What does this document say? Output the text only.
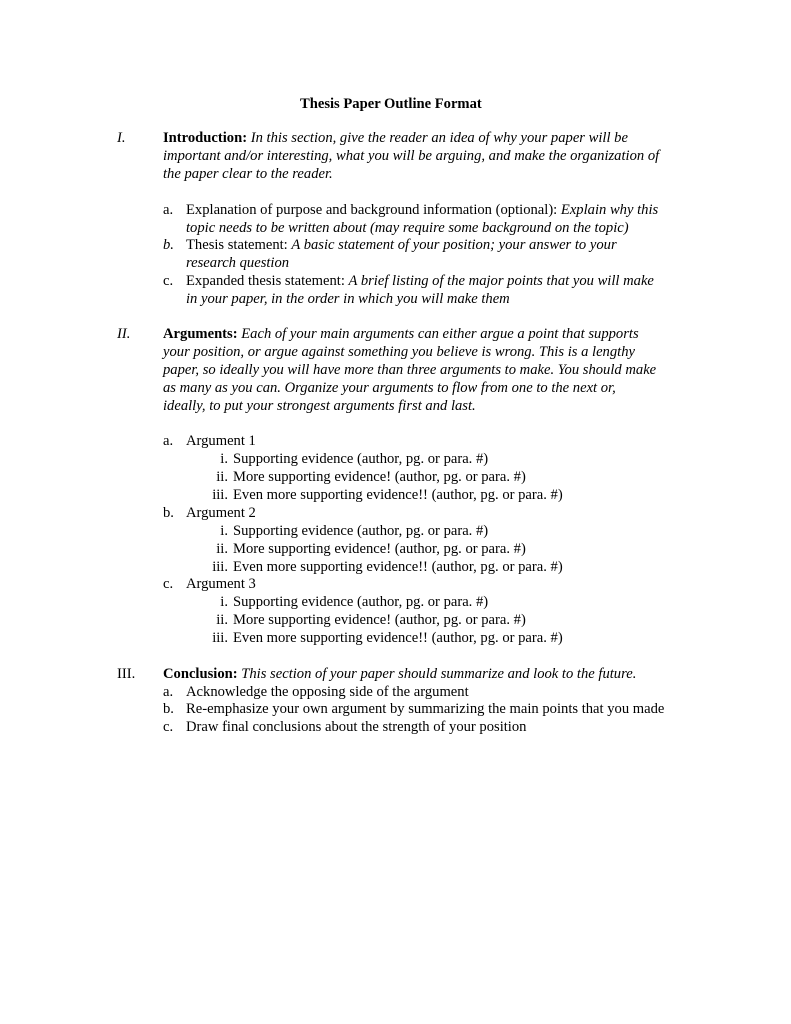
Thesis Paper Outline Format
I.	Introduction: In this section, give the reader an idea of why your paper will be
important and/or interesting, what you will be arguing, and make the organization of
the paper clear to the reader.
a. Explanation of purpose and background information (optional): Explain why this
topic needs to be written about (may require some background on the topic)
b. Thesis statement: A basic statement of your position; your answer to your
research question
c. Expanded thesis statement: A brief listing of the major points that you will make
in your paper, in the order in which you will make them
II. Arguments: Each of your main arguments can either argue a point that supports
your position, or argue against something you believe is wrong. This is a lengthy
paper, so ideally you will have more than three arguments to make. You should make
as many as you can. Organize your arguments to flow from one to the next or,
ideally, to put your strongest arguments first and last.
a. Argument 1
i. Supporting evidence (author, pg. or para. #)
ii. More supporting evidence! (author, pg. or para. #)
iii. Even more supporting evidence!! (author, pg. or para. #)
b. Argument 2
i. Supporting evidence (author, pg. or para. #)
ii. More supporting evidence! (author, pg. or para. #)
iii. Even more supporting evidence!! (author, pg. or para. #)
c. Argument 3
i. Supporting evidence (author, pg. or para. #)
ii. More supporting evidence! (author, pg. or para. #)
iii. Even more supporting evidence!! (author, pg. or para. #)
III. Conclusion: This section of your paper should summarize and look to the future.
a. Acknowledge the opposing side of the argument
b. Re-emphasize your own argument by summarizing the main points that you made
c. Draw final conclusions about the strength of your position
